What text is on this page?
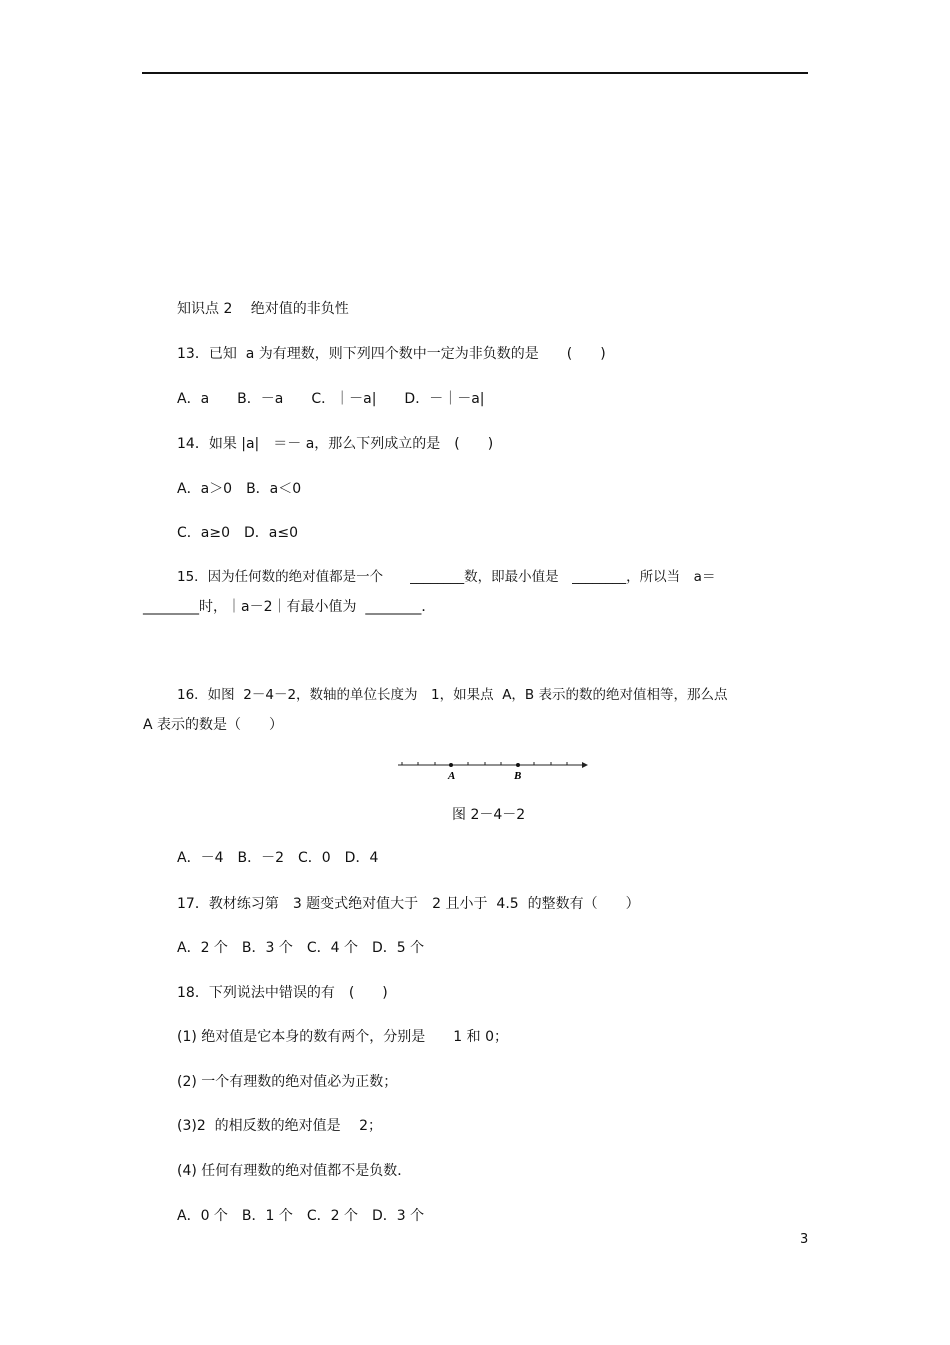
知识点 2　 绝对值的非负性
13．已知  a 为有理数，则下列四个数中一定为非负数的是　　(　　)
A．a　　B．－a　　C．｜－a|　　D．－｜－a|
14．如果 |a|　＝－ a，那么下列成立的是　(　　)
A．a＞0　B．a＜0
C．a≥0　D．a≤0
15．因为任何数的绝对值都是一个　　________数，即最小值是　________，所以当　a＝
________时，｜a－2｜有最小值为  ________．
16．如图  2－4－2，数轴的单位长度为　1，如果点  A，B 表示的数的绝对值相等，那么点
A 表示的数是（　　）
A	B
图 2－4－2
A．－4　B．－2　C．0　D．4
17．教材练习第　3 题变式绝对值大于　2 且小于  4.5  的整数有（　　）
A．2 个　B．3 个　C．4 个　D．5 个
18．下列说法中错误的有　(　　)
(1) 绝对值是它本身的数有两个，分别是　　1 和 0；
(2) 一个有理数的绝对值必为正数；
(3)2  的相反数的绝对值是　 2；
(4) 任何有理数的绝对值都不是负数．
A．0 个　B．1 个　C．2 个　D．3 个
3
